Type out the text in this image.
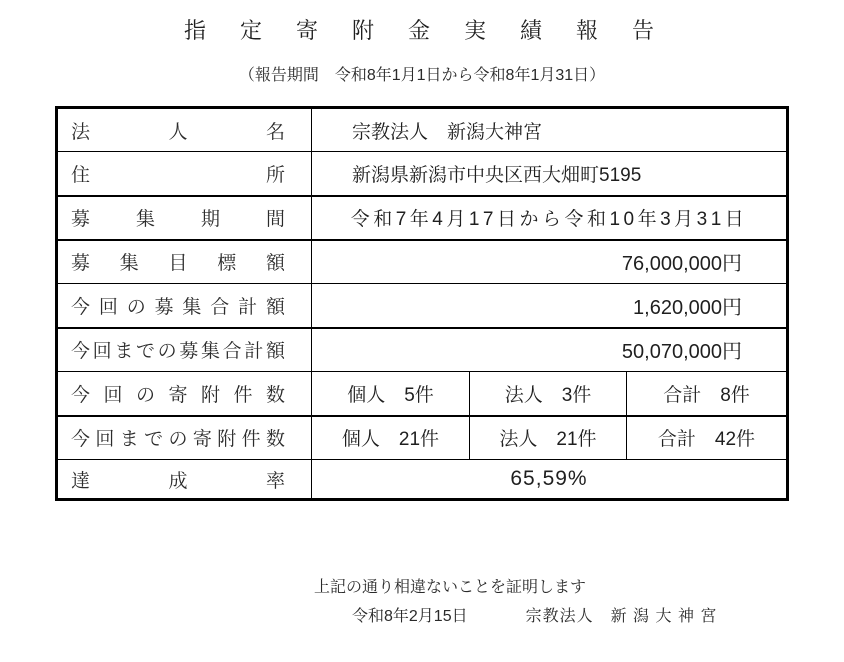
指　定　寄　附　金　実　績　報　告
（報告期間　令和8年1月1日から令和8年1月31日）
法人名	宗教法人　新潟大神宮		
住所	新潟県新潟市中央区西大畑町5195		
募集期間	令和7年4月17日から令和10年3月31日		
募集目標額	76,000,000円		
今回の募集合計額	1,620,000円		
今回までの募集合計額	50,070,000円		
今回の寄附件数	個人　5件	法人　3件	合計　8件
今回までの寄附件数	個人　21件	法人　21件	合計　42件
達成率	65,59%		
上記の通り相違ないことを証明します
令和8年2月15日	宗教法人　新 潟 大 神 宮
